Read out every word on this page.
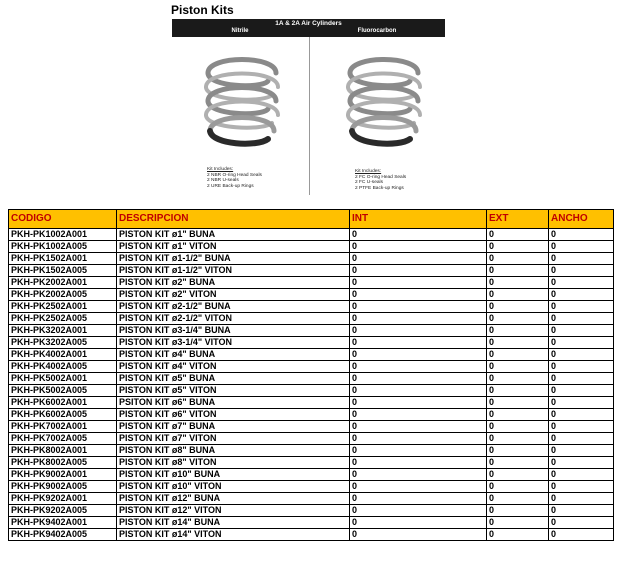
Piston Kits
1A & 2A Air Cylinders
Nitrile	Fluorocarbon
Kit Includes:
2 NBR O-ring Head Seals
2 NBR U-seals
2 URE Back-up Rings
Kit Includes:
2 FC O-ring Head Seals
2 FC U-seals
2 PTFE Back-up Rings
CODIGO	DESCRIPCION	INT	EXT	ANCHO
PKH-PK1002A001	PISTON KIT ø1" BUNA	0	0	0
PKH-PK1002A005	PISTON KIT ø1" VITON	0	0	0
PKH-PK1502A001	PISTON KIT ø1-1/2" BUNA	0	0	0
PKH-PK1502A005	PISTON KIT ø1-1/2" VITON	0	0	0
PKH-PK2002A001	PISTON KIT ø2" BUNA	0	0	0
PKH-PK2002A005	PISTON KIT ø2" VITON	0	0	0
PKH-PK2502A001	PISTON KIT ø2-1/2" BUNA	0	0	0
PKH-PK2502A005	PISTON KIT ø2-1/2" VITON	0	0	0
PKH-PK3202A001	PISTON KIT ø3-1/4" BUNA	0	0	0
PKH-PK3202A005	PISTON KIT ø3-1/4" VITON	0	0	0
PKH-PK4002A001	PISTON KIT ø4" BUNA	0	0	0
PKH-PK4002A005	PISTON KIT ø4" VITON	0	0	0
PKH-PK5002A001	PISTON KIT ø5" BUNA	0	0	0
PKH-PK5002A005	PISTON KIT ø5" VITON	0	0	0
PKH-PK6002A001	PSITON KIT ø6" BUNA	0	0	0
PKH-PK6002A005	PISTON KIT ø6" VITON	0	0	0
PKH-PK7002A001	PISTON KIT ø7" BUNA	0	0	0
PKH-PK7002A005	PISTON KIT ø7" VITON	0	0	0
PKH-PK8002A001	PISTON KIT ø8" BUNA	0	0	0
PKH-PK8002A005	PISTON KIT ø8" VITON	0	0	0
PKH-PK9002A001	PISTON KIT ø10" BUNA	0	0	0
PKH-PK9002A005	PISTON KIT ø10" VITON	0	0	0
PKH-PK9202A001	PISTON KIT ø12" BUNA	0	0	0
PKH-PK9202A005	PISTON KIT ø12" VITON	0	0	0
PKH-PK9402A001	PISTON KIT ø14" BUNA	0	0	0
PKH-PK9402A005	PISTON KIT ø14" VITON	0	0	0
